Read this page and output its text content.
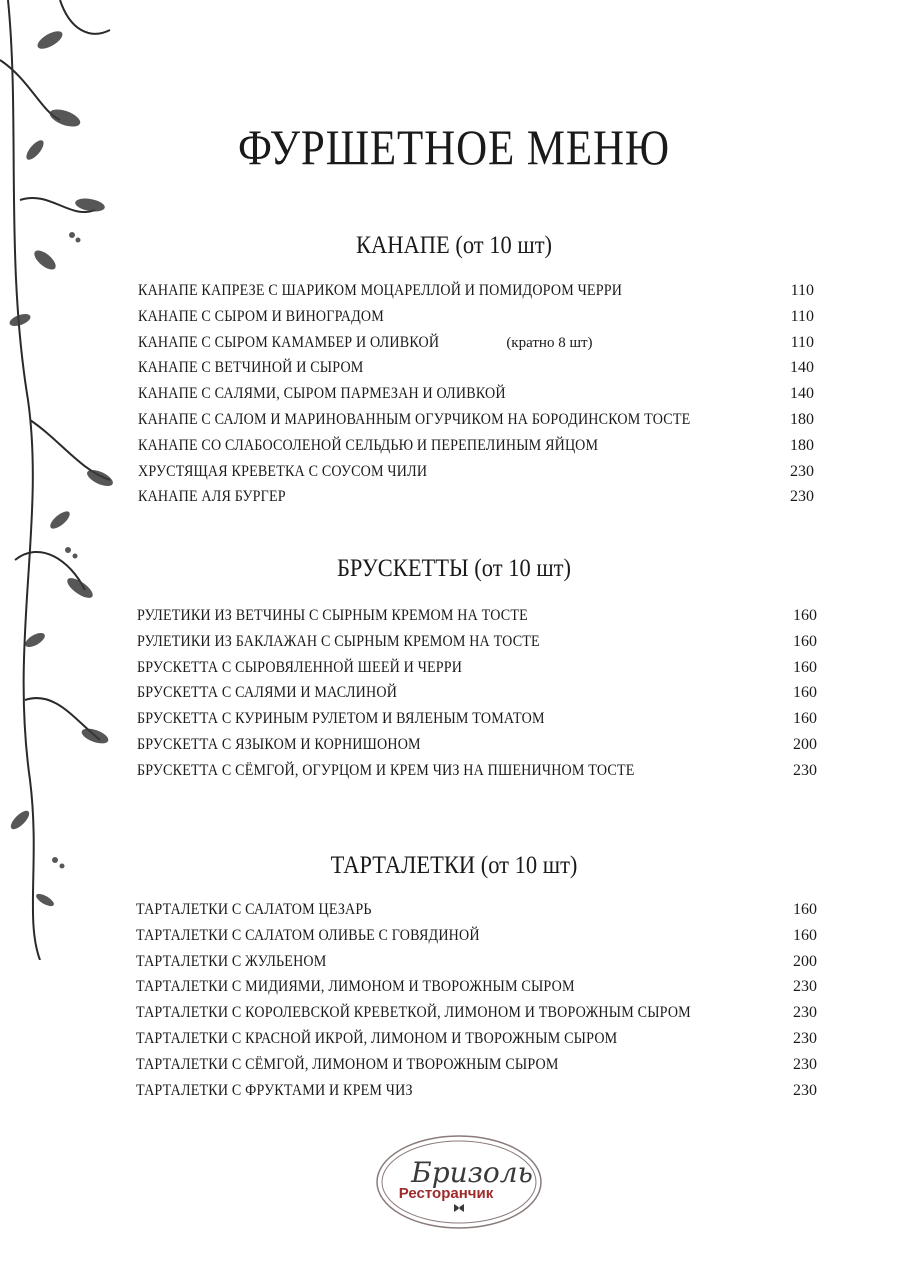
ФУРШЕТНОЕ МЕНЮ
КАНАПЕ (от 10 шт)
КАНАПЕ КАПРЕЗЕ С ШАРИКОМ МОЦАРЕЛЛОЙ И ПОМИДОРОМ ЧЕРРИ	110
КАНАПЕ С СЫРОМ И ВИНОГРАДОМ	110
КАНАПЕ С СЫРОМ КАМАМБЕР И ОЛИВКОЙ	(кратно 8 шт)	110
КАНАПЕ С ВЕТЧИНОЙ И СЫРОМ	140
КАНАПЕ С САЛЯМИ, СЫРОМ ПАРМЕЗАН И ОЛИВКОЙ	140
КАНАПЕ С САЛОМ И МАРИНОВАННЫМ ОГУРЧИКОМ НА БОРОДИНСКОМ ТОСТЕ	180
КАНАПЕ СО СЛАБОСОЛЕНОЙ СЕЛЬДЬЮ И ПЕРЕПЕЛИНЫМ ЯЙЦОМ	180
ХРУСТЯЩАЯ КРЕВЕТКА С СОУСОМ ЧИЛИ	230
КАНАПЕ АЛЯ БУРГЕР	230
БРУСКЕТТЫ (от 10 шт)
РУЛЕТИКИ ИЗ ВЕТЧИНЫ С СЫРНЫМ КРЕМОМ НА ТОСТЕ	160
РУЛЕТИКИ ИЗ БАКЛАЖАН С СЫРНЫМ КРЕМОМ НА ТОСТЕ	160
БРУСКЕТТА С СЫРОВЯЛЕННОЙ ШЕЕЙ И ЧЕРРИ	160
БРУСКЕТТА С САЛЯМИ И МАСЛИНОЙ	160
БРУСКЕТТА С КУРИНЫМ РУЛЕТОМ И ВЯЛЕНЫМ ТОМАТОМ	160
БРУСКЕТТА С ЯЗЫКОМ И КОРНИШОНОМ	200
БРУСКЕТТА С СЁМГОЙ, ОГУРЦОМ И КРЕМ ЧИЗ НА ПШЕНИЧНОМ ТОСТЕ	230
ТАРТАЛЕТКИ (от 10 шт)
ТАРТАЛЕТКИ С САЛАТОМ ЦЕЗАРЬ	160
ТАРТАЛЕТКИ С САЛАТОМ ОЛИВЬЕ С ГОВЯДИНОЙ	160
ТАРТАЛЕТКИ С ЖУЛЬЕНОМ	200
ТАРТАЛЕТКИ С МИДИЯМИ, ЛИМОНОМ И ТВОРОЖНЫМ СЫРОМ	230
ТАРТАЛЕТКИ С КОРОЛЕВСКОЙ КРЕВЕТКОЙ, ЛИМОНОМ И ТВОРОЖНЫМ СЫРОМ	230
ТАРТАЛЕТКИ С КРАСНОЙ ИКРОЙ, ЛИМОНОМ И ТВОРОЖНЫМ СЫРОМ	230
ТАРТАЛЕТКИ С СЁМГОЙ, ЛИМОНОМ И ТВОРОЖНЫМ СЫРОМ	230
ТАРТАЛЕТКИ С ФРУКТАМИ И КРЕМ ЧИЗ	230
Бризоль
Ресторанчик
